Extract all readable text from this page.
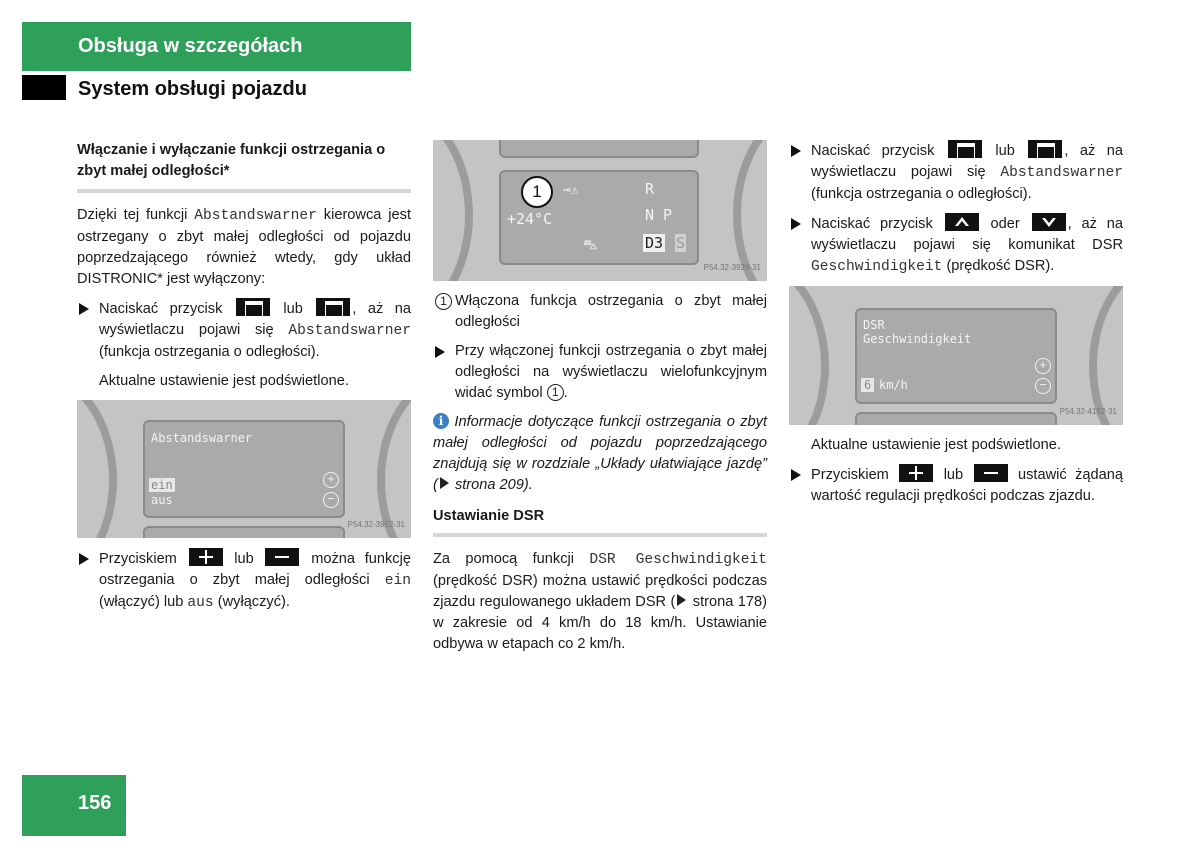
Obsługa w szczegółach
System obsługi pojazdu
Włączanie i wyłączanie funkcji ostrzegania o zbyt małej odległości*

Dzięki tej funkcji Abstandswarner kierowca jest ostrzegany o zbyt małej odległości od pojazdu poprzedzającego również wtedy, gdy układ DISTRONIC* jest wyłączony:

Naciskać przycisk	lub	, aż na wyświetlaczu pojawi się Abstandswarner (funkcja ostrzegania o odległości).

Aktualne ustawienie jest podświetlone.

Abstandswarner
ein
aus
+
−
P54.32-3952-31
Przyciskiem	lub	można funkcję ostrzegania o zbyt małej odległości ein (włączyć) lub aus (wyłączyć).
1	⊸⚠
+24°C
R
N P
D3 S
⛍
P54.32-3929-31
1 Włączona funkcja ostrzegania o zbyt małej odległości
Przy włączonej funkcji ostrzegania o zbyt małej odległości na wyświetlaczu wielofunkcyjnym widać symbol 1 .

i Informacje dotyczące funkcji ostrzegania o zbyt małej odległości od pojazdu poprzedzającego znajdują się w rozdziale „Układy ułatwiające jazdę” ( strona 209).

Ustawianie DSR

Za pomocą funkcji DSR Geschwindigkeit (prędkość DSR) można ustawić prędkości podczas zjazdu regulowanego układem DSR ( strona 178) w zakresie od 4 km/h do 18 km/h. Ustawianie odbywa w etapach co 2 km/h.

Naciskać przycisk	lub	, aż na wyświetlaczu pojawi się Abstandswarner (funkcja ostrzegania o odległości).
Naciskać przycisk	oder	, aż na wyświetlaczu pojawi się komunikat DSR Geschwindigkeit (prędkość DSR).
DSR
Geschwindigkeit
6 km/h
+
−
P54.32-4152-31

Aktualne ustawienie jest podświetlone.

Przyciskiem	lub	ustawić żądaną wartość regulacji prędkości podczas zjazdu.
156
